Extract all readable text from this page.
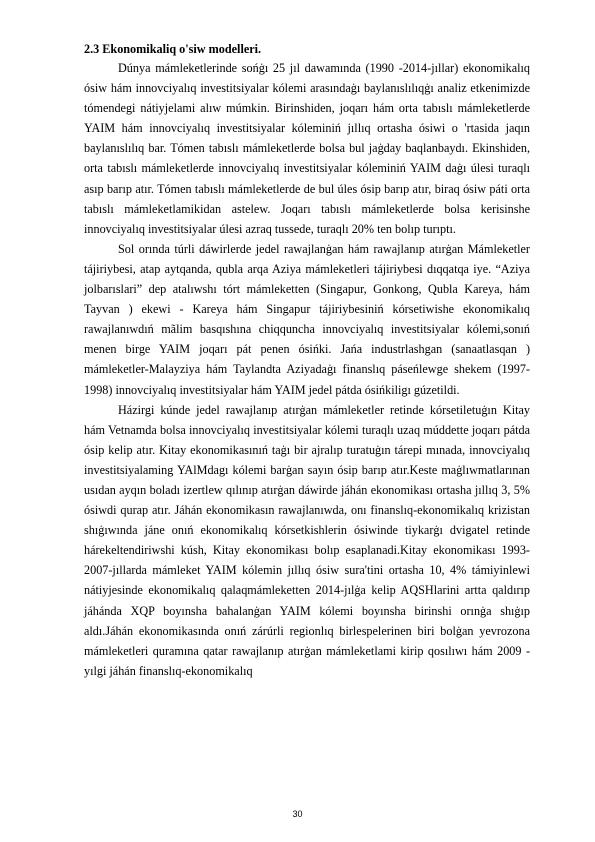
2.3 Ekonomikaliq o'siw modelleri.

Dúnya mámleketlerinde sońġı 25 jıl dawamında (1990 -2014-jıllar) ekonomikalıq ósiw hám innovciyalıq investitsiyalar kólemi arasındaġı baylanıslılıqġı analiz etkenimizde tómendegi nátiyjelami alıw múmkin. Birinshiden, joqarı hám orta tabıslı mámleketlerde YAIM hám innovciyalıq investitsiyalar kóleminiń jıllıq ortasha ósiwi o 'rtasida jaqın baylanıslılıq bar. Tómen tabıslı mámleketlerde bolsa bul jaġday baqlanbaydı. Ekinshiden, orta tabıslı mámleketlerde innovciyalıq investitsiyalar kóleminiń YAIM daġı úlesi turaqlı asıp barıp atır. Tómen tabıslı mámleketlerde de bul úles ósip barıp atır, biraq ósiw páti orta tabıslı mámleketlamikidan astelew. Joqarı tabıslı mámleketlerde bolsa kerisinshe innovciyalıq investitsiyalar úlesi azraq tussede, turaqlı 20% ten bolıp turıptı.

Sol orında túrli dáwirlerde jedel rawajlanġan hám rawajlanıp atırġan Mámleketler tájiriybesi, atap aytqanda, qubla arqa Aziya mámleketleri tájiriybesi dıqqatqa iye. “Aziya jolbarıslari” dep atalıwshı tórt mámleketten (Singapur, Gonkong, Qubla Kareya, hám Tayvan ) ekewi - Kareya hám Singapur tájiriybesiniń kórsetiwishe ekonomikalıq rawajlanıwdıń mãlim basqıshına chiqquncha innovciyalıq investitsiyalar kólemi,sonıń menen birge YAIM joqarı pát penen ósińki. Jańa industrlashgan (sanaatlasqan ) mámleketler-Malayziya hám Taylandta Aziyadaġı finanslıq páseńlewge shekem (1997-1998) innovciyalıq investitsiyalar hám YAIM jedel pátda ósińkiligı gúzetildi.

Házirgi kúnde jedel rawajlanıp atırġan mámleketler retinde kórsetiletuġın Kitay hám Vetnamda bolsa innovciyalıq investitsiyalar kólemi turaqlı uzaq múddette joqarı pátda ósip kelip atır. Kitay ekonomikasınıń taġı bir ajralıp turatuġın tárepi mınada, innovciyalıq investitsiyalaming YAlMdagı kólemi barġan sayın ósip barıp atır.Keste maġlıwmatlarınan usıdan ayqın boladı izertlew qılınıp atırġan dáwirde jáhán ekonomikası ortasha jıllıq 3, 5% ósiwdi qurap atır. Jáhán ekonomikasın rawajlanıwda, onı finanslıq-ekonomikalıq krizistan shıġıwında jáne onıń ekonomikalıq kórsetkishlerin ósiwinde tiykarġı dvigatel retinde hárekeltendiriwshi kúsh, Kitay ekonomikası bolıp esaplanadi.Kitay ekonomikası 1993-2007-jıllarda mámleket YAIM kólemin jıllıq ósiw sura'tini ortasha 10, 4% támiyinlewi nátiyjesinde ekonomikalıq qalaqmámleketten 2014-jılġa kelip AQSHlarini artta qaldırıp jáhánda XQP boyınsha bahalanġan YAIM kólemi boyınsha birinshi orınġa shıġıp aldı.Jáhán ekonomikasında onıń zárúrli regionlıq birlespelerinen biri bolġan yevrozona mámleketleri quramına qatar rawajlanıp atırġan mámleketlami kirip qosılıwı hám 2009 -yılgi jáhán finanslıq-ekonomikalıq

30
